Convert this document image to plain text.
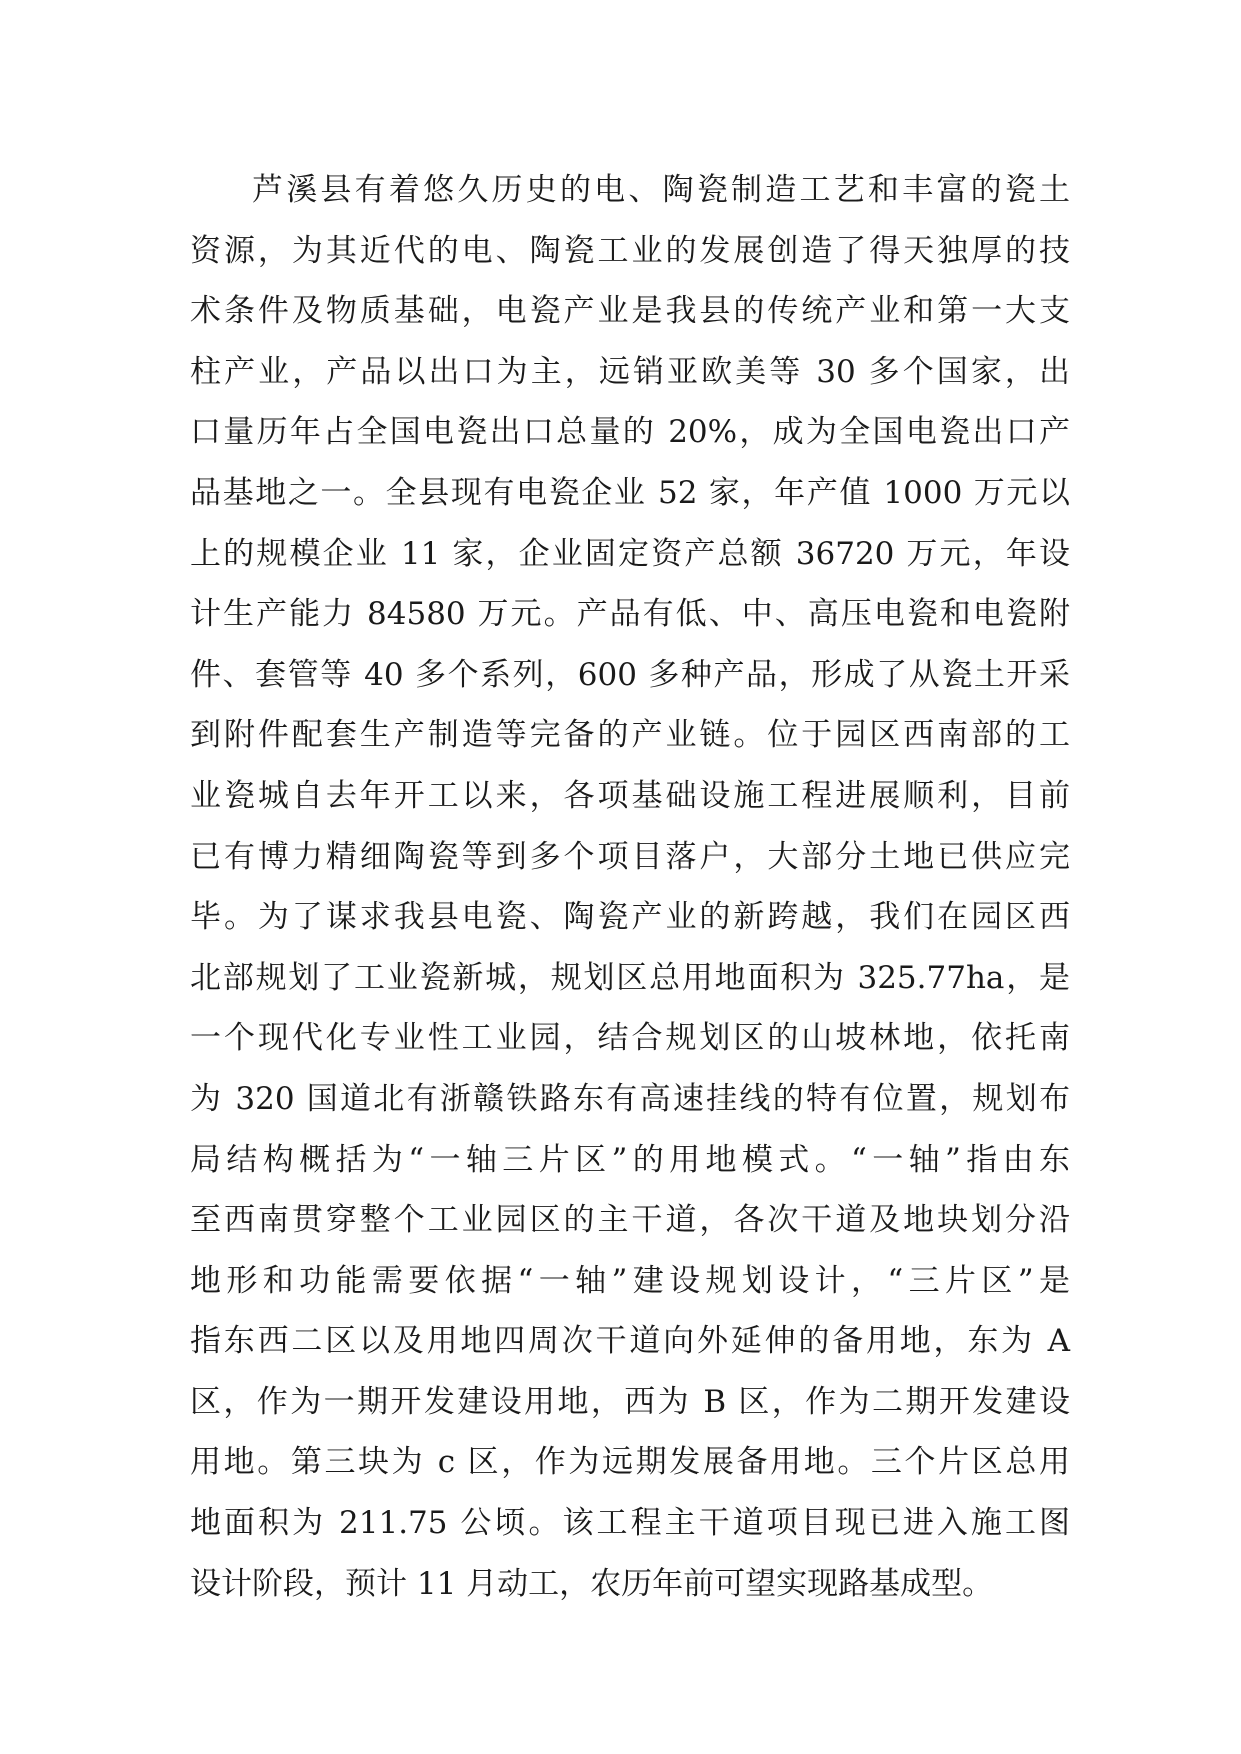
芦溪县有着悠久历史的电、陶瓷制造工艺和丰富的瓷土
资源，为其近代的电、陶瓷工业的发展创造了得天独厚的技
术条件及物质基础，电瓷产业是我县的传统产业和第一大支
柱产业，产品以出口为主，远销亚欧美等 30 多个国家，出
口量历年占全国电瓷出口总量的 20%，成为全国电瓷出口产
品基地之一。全县现有电瓷企业 52 家，年产值 1000 万元以
上的规模企业 11 家，企业固定资产总额 36720 万元，年设
计生产能力 84580 万元。产品有低、中、高压电瓷和电瓷附
件、套管等 40 多个系列，600 多种产品，形成了从瓷土开采
到附件配套生产制造等完备的产业链。位于园区西南部的工
业瓷城自去年开工以来，各项基础设施工程进展顺利，目前
已有博力精细陶瓷等到多个项目落户，大部分土地已供应完
毕。为了谋求我县电瓷、陶瓷产业的新跨越，我们在园区西
北部规划了工业瓷新城，规划区总用地面积为 325.77ha，是
一个现代化专业性工业园，结合规划区的山坡林地，依托南
为 320 国道北有浙赣铁路东有高速挂线的特有位置，规划布
局结构概括为“一轴三片区”的用地模式。“一轴”指由东
至西南贯穿整个工业园区的主干道，各次干道及地块划分沿
地形和功能需要依据“一轴”建设规划设计，“三片区”是
指东西二区以及用地四周次干道向外延伸的备用地，东为 A
区，作为一期开发建设用地，西为 B 区，作为二期开发建设
用地。第三块为 c 区，作为远期发展备用地。三个片区总用
地面积为 211.75 公顷。该工程主干道项目现已进入施工图
设计阶段，预计 11 月动工，农历年前可望实现路基成型。
